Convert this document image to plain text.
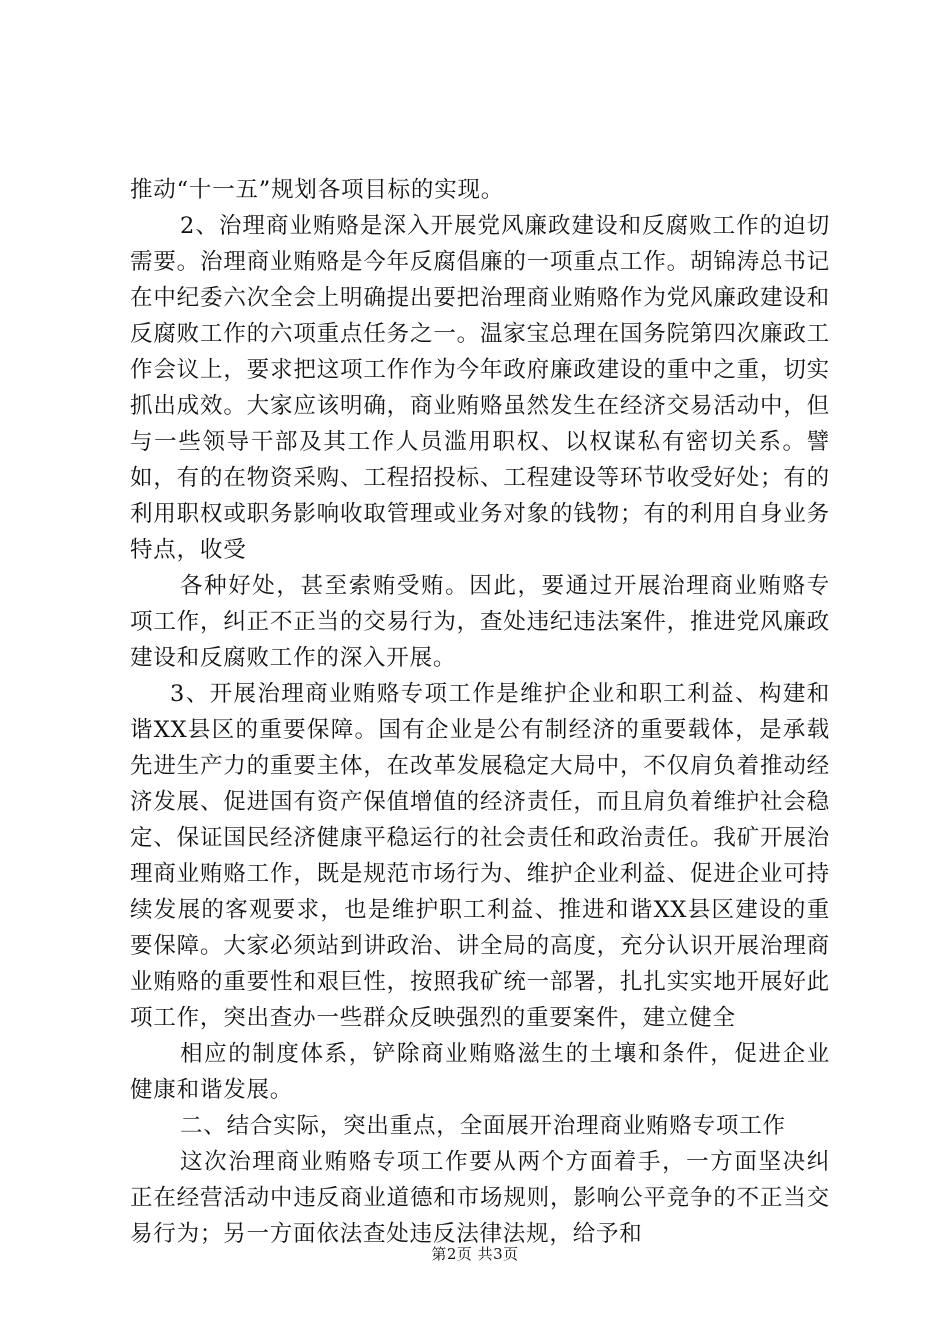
推动“十一五”规划各项目标的实现。

2、治理商业贿赂是深入开展党风廉政建设和反腐败工作的迫切需要。治理商业贿赂是今年反腐倡廉的一项重点工作。胡锦涛总书记在中纪委六次全会上明确提出要把治理商业贿赂作为党风廉政建设和反腐败工作的六项重点任务之一。温家宝总理在国务院第四次廉政工作会议上，要求把这项工作作为今年政府廉政建设的重中之重，切实抓出成效。大家应该明确，商业贿赂虽然发生在经济交易活动中，但与一些领导干部及其工作人员滥用职权、以权谋私有密切关系。譬如，有的在物资采购、工程招投标、工程建设等环节收受好处；有的利用职权或职务影响收取管理或业务对象的钱物；有的利用自身业务特点，收受

各种好处，甚至索贿受贿。因此，要通过开展治理商业贿赂专项工作，纠正不正当的交易行为，查处违纪违法案件，推进党风廉政建设和反腐败工作的深入开展。

3、开展治理商业贿赂专项工作是维护企业和职工利益、构建和谐XX县区的重要保障。国有企业是公有制经济的重要载体，是承载先进生产力的重要主体，在改革发展稳定大局中，不仅肩负着推动经济发展、促进国有资产保值增值的经济责任，而且肩负着维护社会稳定、保证国民经济健康平稳运行的社会责任和政治责任。我矿开展治理商业贿赂工作，既是规范市场行为、维护企业利益、促进企业可持续发展的客观要求，也是维护职工利益、推进和谐XX县区建设的重要保障。大家必须站到讲政治、讲全局的高度，充分认识开展治理商业贿赂的重要性和艰巨性，按照我矿统一部署，扎扎实实地开展好此项工作，突出查办一些群众反映强烈的重要案件，建立健全

相应的制度体系，铲除商业贿赂滋生的土壤和条件，促进企业健康和谐发展。

二、结合实际，突出重点，全面展开治理商业贿赂专项工作

这次治理商业贿赂专项工作要从两个方面着手，一方面坚决纠正在经营活动中违反商业道德和市场规则，影响公平竞争的不正当交易行为；另一方面依法查处违反法律法规，给予和

第2页 共3页
